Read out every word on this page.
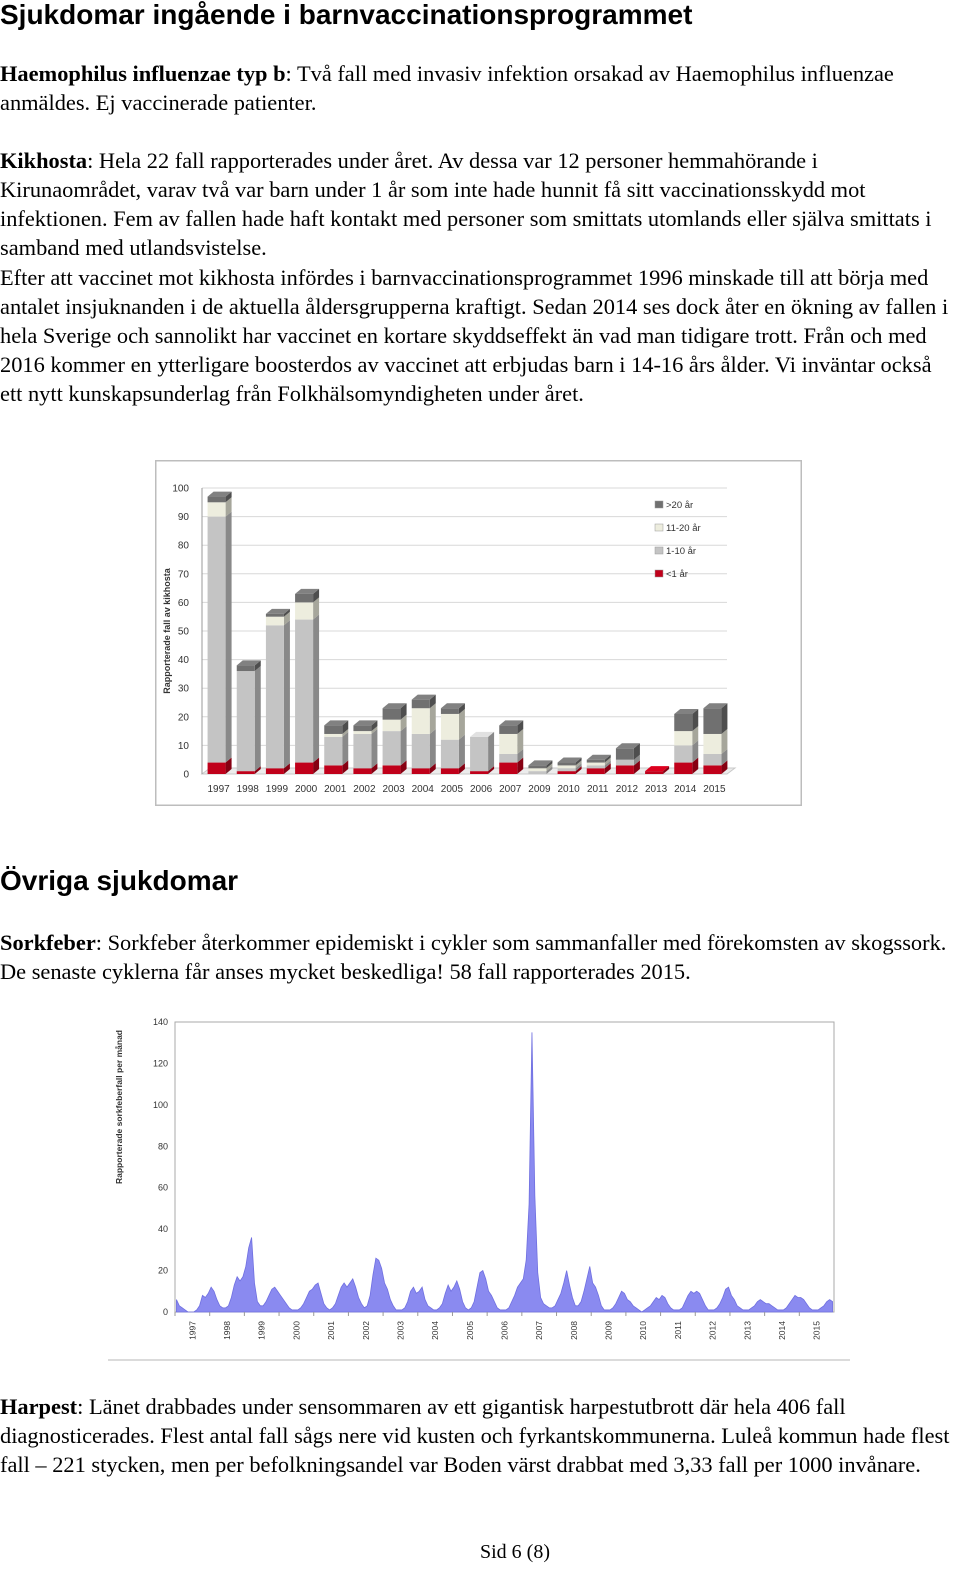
Sjukdomar ingående i barnvaccinationsprogrammet

Haemophilus influenzae typ b: Två fall med invasiv infektion orsakad av Haemophilus influenzae anmäldes. Ej vaccinerade patienter.

Kikhosta: Hela 22 fall rapporterades under året. Av dessa var 12 personer hemmahörande i Kirunaområdet, varav två var barn under 1 år som inte hade hunnit få sitt vaccinationsskydd mot infektionen. Fem av fallen hade haft kontakt med personer som smittats utomlands eller själva smittats i samband med utlandsvistelse.

Efter att vaccinet mot kikhosta infördes i barnvaccinationsprogrammet 1996 minskade till att börja med antalet insjuknanden i de aktuella åldersgrupperna kraftigt. Sedan 2014 ses dock åter en ökning av fallen i hela Sverige och sannolikt har vaccinet en kortare skyddseffekt än vad man tidigare trott. Från och med 2016 kommer en ytterligare boosterdos av vaccinet att erbjudas barn i 14-16 års ålder. Vi inväntar också ett nytt kunskapsunderlag från Folkhälsomyndigheten under året.

0
10
20
30
40
50
60
70
80
90
100
Rapporterade fall av kikhosta
1997 1998 1999 2000 2001 2002 2003 2004 2005 2006 2007 2009 2010 2011 2012 2013 2014 2015
>20 år
11-20 år
1-10 år
<1 år
Övriga sjukdomar

Sorkfeber: Sorkfeber återkommer epidemiskt i cykler som sammanfaller med förekomsten av skogssork. De senaste cyklerna får anses mycket beskedliga! 58 fall rapporterades 2015.

0
20
40
60
80
100
120
140
Rapporterade sorkfeberfall per månad
1997	1998	1999	2000	2001	2002	2003	2004	2005	2006	2007	2008	2009	2010	2011	2012	2013	2014	2015

Harpest: Länet drabbades under sensommaren av ett gigantisk harpestutbrott där hela 406 fall diagnosticerades. Flest antal fall sågs nere vid kusten och fyrkantskommunerna. Luleå kommun hade flest fall – 221 stycken, men per befolkningsandel var Boden värst drabbat med 3,33 fall per 1000 invånare.

Sid 6 (8)
